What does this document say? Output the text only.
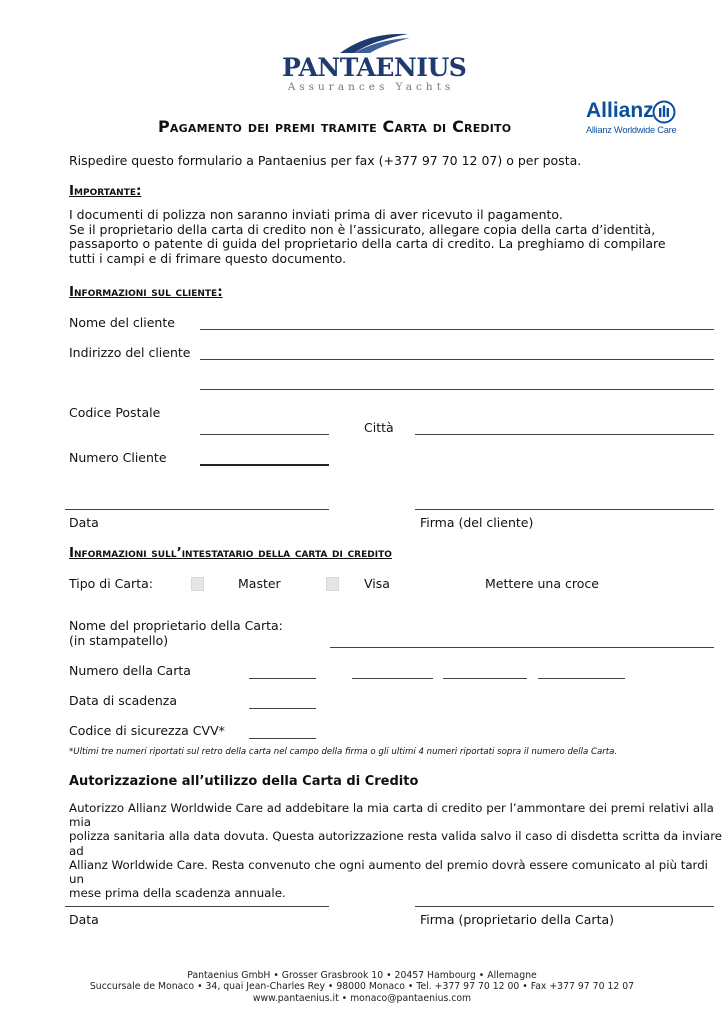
PANTAENIUS
Assurances Yachts
Allianz
Allianz Worldwide Care
Pagamento dei premi tramite Carta di Credito
Rispedire questo formulario a Pantaenius per fax (+377 97 70 12 07) o per posta.
Importante:
I documenti di polizza non saranno inviati prima di aver ricevuto il pagamento.
Se il proprietario della carta di credito non è l’assicurato, allegare copia della carta d’identità,
passaporto o patente di guida del proprietario della carta di credito. La preghiamo di compilare
tutti i campi e di frimare questo documento.
Informazioni sul cliente:
Nome del cliente
Indirizzo del cliente
Codice Postale
Città
Numero Cliente
Data	Firma (del cliente)
Informazioni sull’intestatario della carta di credito
Tipo di Carta:	Master	Visa	Mettere una croce
Nome del proprietario della Carta:
(in stampatello)
Numero della Carta
Data di scadenza
Codice di sicurezza CVV*
*Ultimi tre numeri riportati sul retro della carta nel campo della firma o gli ultimi 4 numeri riportati sopra il numero della Carta.
Autorizzazione all’utilizzo della Carta di Credito
Autorizzo Allianz Worldwide Care ad addebitare la mia carta di credito per l’ammontare dei premi relativi alla mia
polizza sanitaria alla data dovuta. Questa autorizzazione resta valida salvo il caso di disdetta scritta da inviare ad
Allianz Worldwide Care. Resta convenuto che ogni aumento del premio dovrà essere comunicato al più tardi un
mese prima della scadenza annuale.
Data	Firma (proprietario della Carta)
Pantaenius GmbH • Grosser Grasbrook 10 • 20457 Hambourg • Allemagne
Succursale de Monaco • 34, quai Jean-Charles Rey • 98000 Monaco • Tel. +377 97 70 12 00 • Fax +377 97 70 12 07
www.pantaenius.it • monaco@pantaenius.com
